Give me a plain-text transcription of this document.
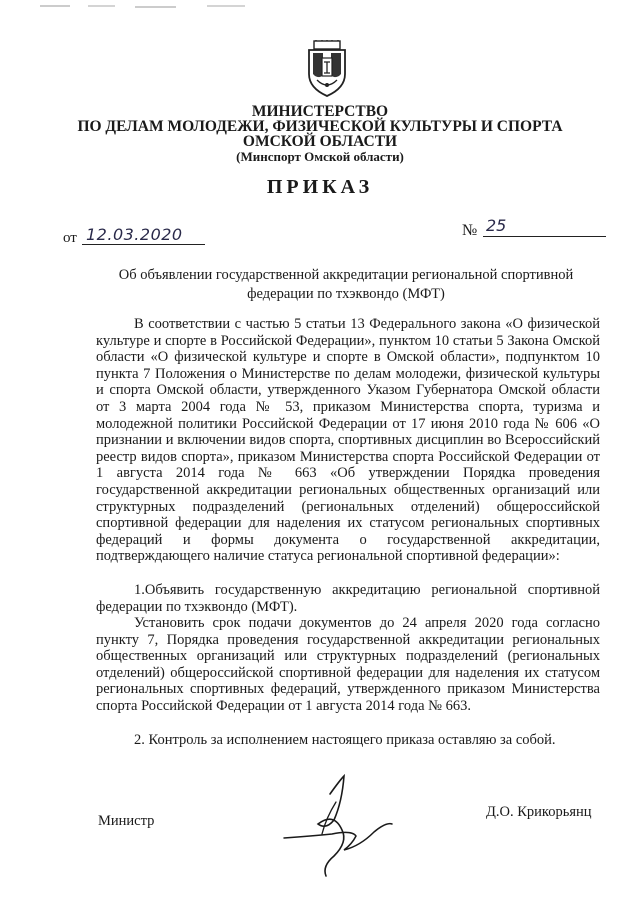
МИНИСТЕРСТВО
ПО ДЕЛАМ МОЛОДЕЖИ, ФИЗИЧЕСКОЙ КУЛЬТУРЫ И СПОРТА
ОМСКОЙ ОБЛАСТИ
(Минспорт Омской области)
ПРИКАЗ
от 12.03.2020	№ 25
Об объявлении государственной аккредитации региональной спортивной федерации по тхэквондо (МФТ)

В соответствии с частью 5 статьи 13 Федерального закона «О физической культуре и спорте в Российской Федерации», пунктом 10 статьи 5 Закона Омской области «О физической культуре и спорте в Омской области», подпунктом 10 пункта 7 Положения о Министерстве по делам молодежи, физической культуры и спорта Омской области, утвержденного Указом Губернатора Омской области от 3 марта 2004 года № 53, приказом Министерства спорта, туризма и молодежной политики Российской Федерации от 17 июня 2010 года № 606 «О признании и включении видов спорта, спортивных дисциплин во Всероссийский реестр видов спорта», приказом Министерства спорта Российской Федерации от 1 августа 2014 года № 663 «Об утверждении Порядка проведения государственной аккредитации региональных общественных организаций или структурных подразделений (региональных отделений) общероссийской спортивной федерации для наделения их статусом региональных спортивных федераций и формы документа о государственной аккредитации, подтверждающего наличие статуса региональной спортивной федерации»:

1.Объявить государственную аккредитацию региональной спортивной федерации по тхэквондо (МФТ).

Установить срок подачи документов до 24 апреля 2020 года согласно пункту 7, Порядка проведения государственной аккредитации региональных общественных организаций или структурных подразделений (региональных отделений) общероссийской спортивной федерации для наделения их статусом региональных спортивных федераций, утвержденного приказом Министерства спорта Российской Федерации от 1 августа 2014 года № 663.

2. Контроль за исполнением настоящего приказа оставляю за собой.

Министр
Д.О. Крикорьянц
